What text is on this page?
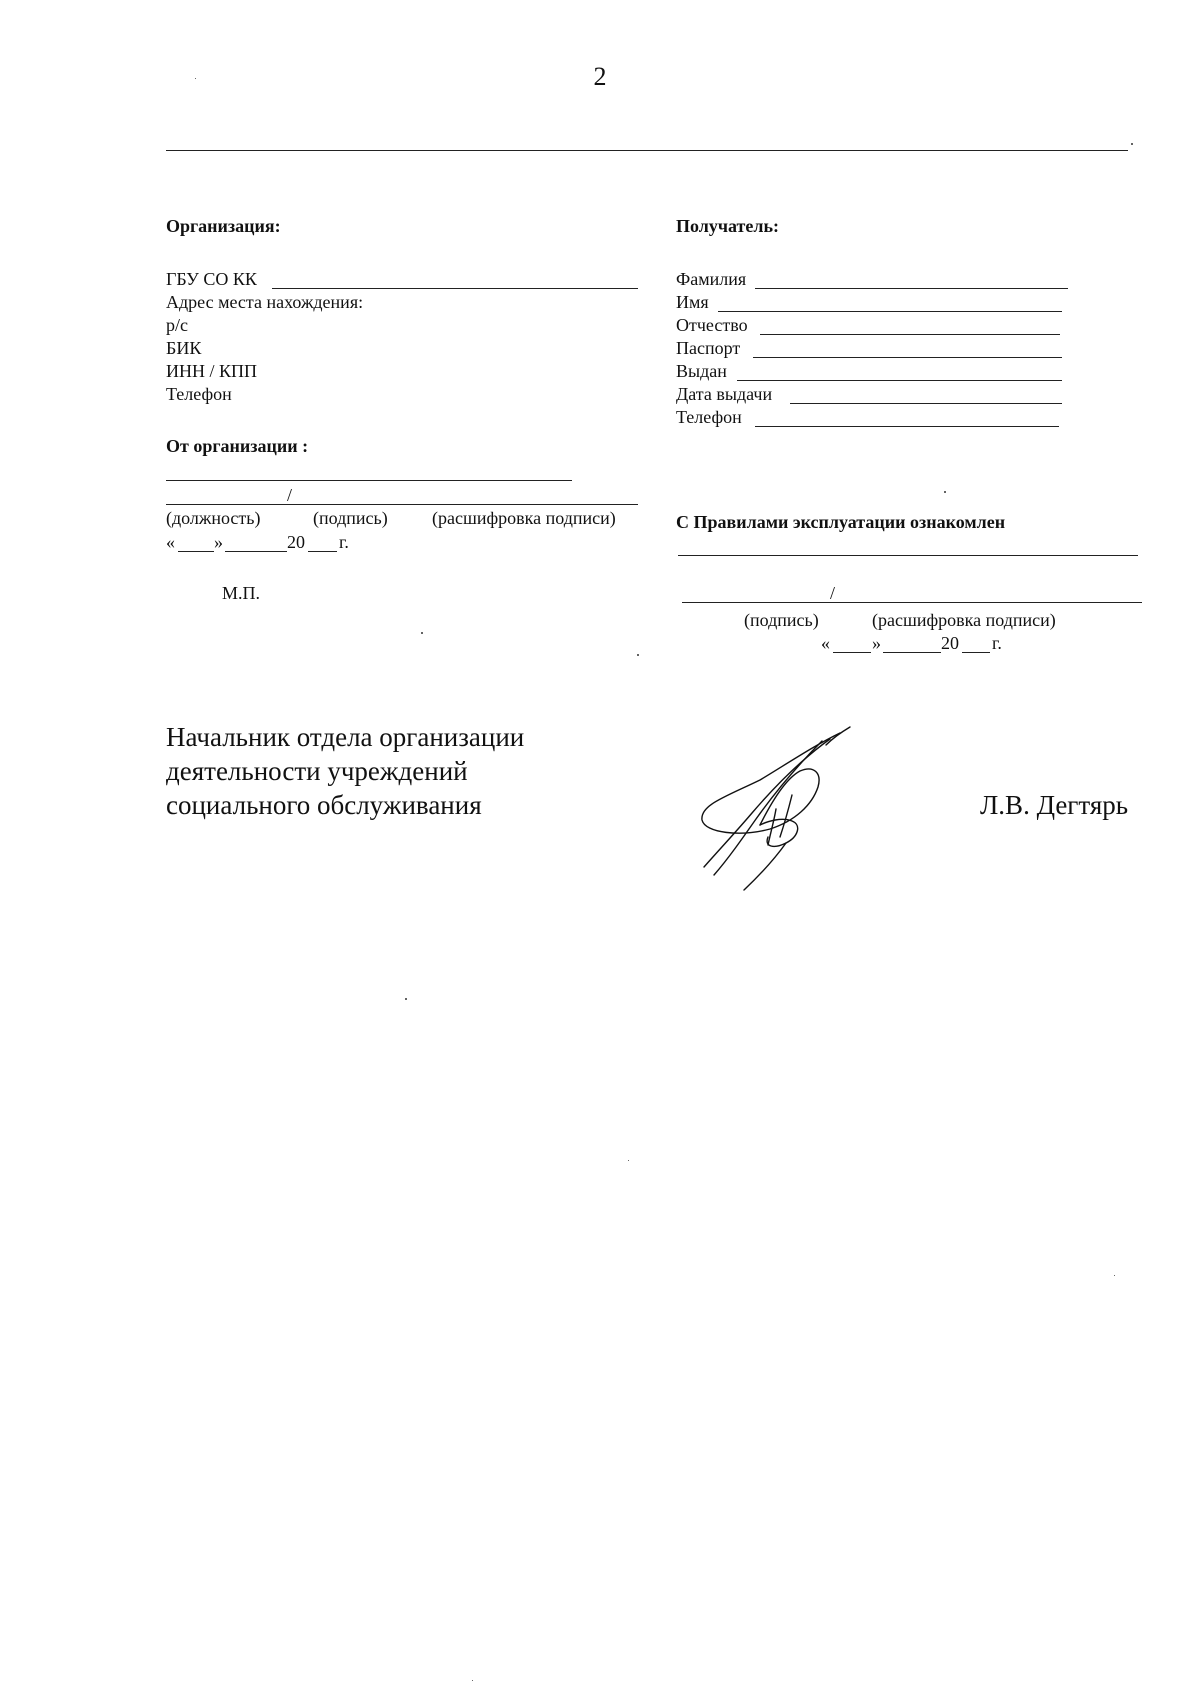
2
Организация:
ГБУ СО КК
Адрес места нахождения:
р/с
БИК
ИНН / КПП
Телефон
От организации :
/
(должность)	(подпись) (расшифровка подписи)
« »	20 г.
М.П.
Получатель:
Фамилия
Имя
Отчество
Паспорт
Выдан
Дата выдачи
Телефон
С Правилами эксплуатации ознакомлен
/
(подпись)	(расшифровка подписи)
« »	20 г.
Начальник отдела организации
деятельности учреждений
социального обслуживания	Л.В. Дегтярь
